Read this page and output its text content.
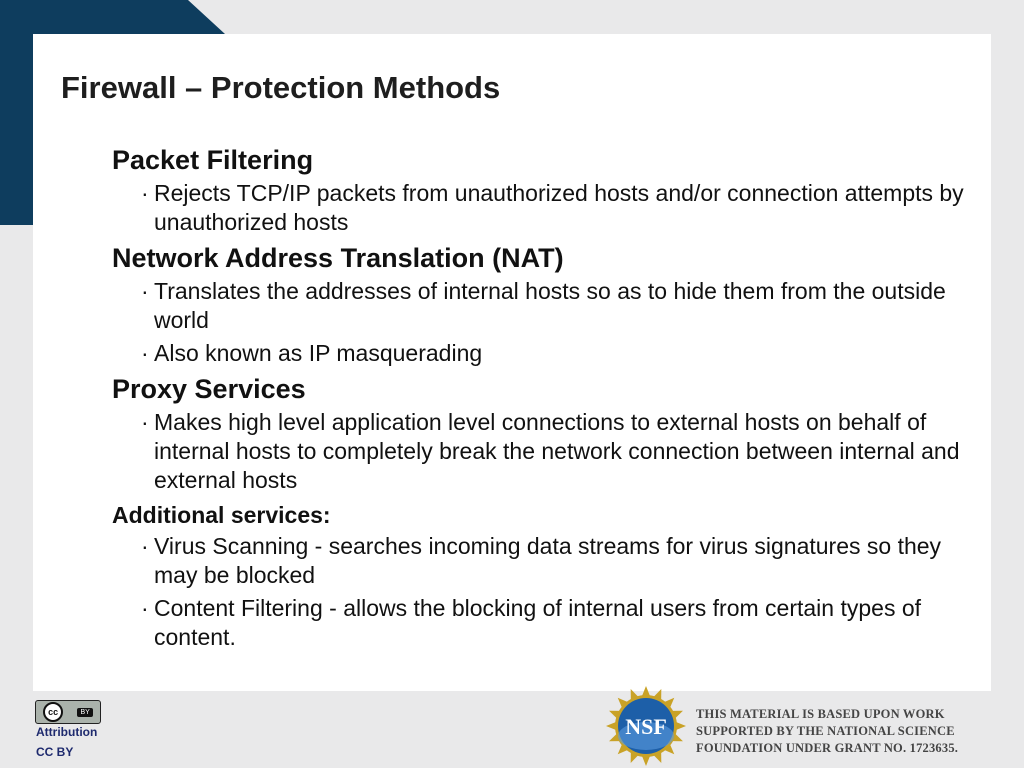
Firewall – Protection Methods
Packet Filtering
· Rejects TCP/IP packets from unauthorized hosts and/or connection attempts by unauthorized hosts
Network Address Translation (NAT)
· Translates the addresses of internal hosts so as to hide them from the outside world
· Also known as IP masquerading
Proxy Services
· Makes high level application level connections to external hosts on behalf of internal hosts to completely break the network connection between internal and external hosts
Additional services:
· Virus Scanning - searches incoming data streams for virus signatures so they may be blocked
· Content Filtering - allows the blocking of internal users from certain types of content.
cc	BY
Attribution
CC BY
NSF THIS MATERIAL IS BASED UPON WORK
SUPPORTED BY THE NATIONAL SCIENCE
FOUNDATION UNDER GRANT NO. 1723635.
